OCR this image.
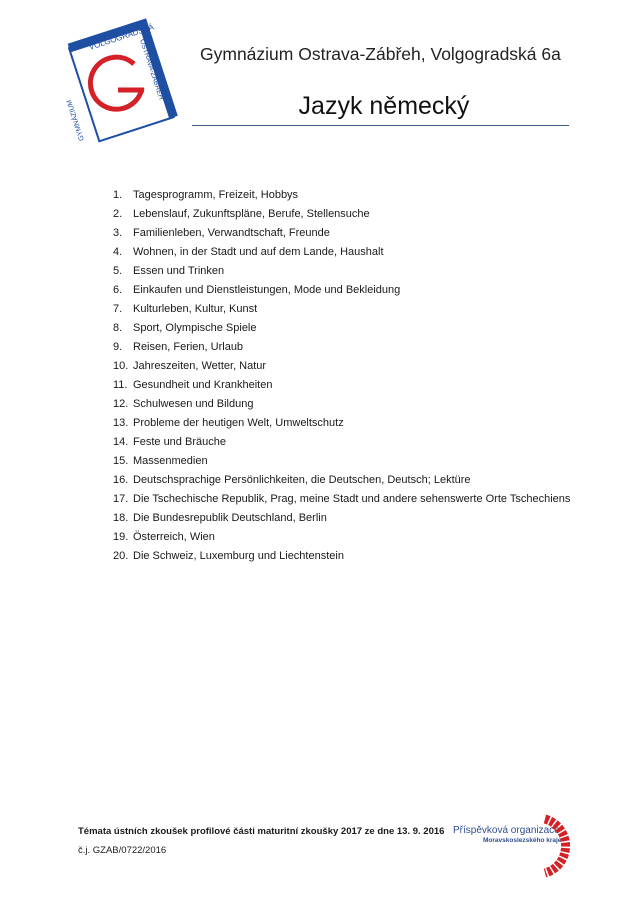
VOLGOGRADSKÁ
OSTRAVA-ZÁBŘEH
GYMNÁZIUM
Gymnázium Ostrava-Zábřeh, Volgogradská 6a
Jazyk německý
1. Tagesprogramm, Freizeit, Hobbys
2. Lebenslauf, Zukunftspläne, Berufe, Stellensuche
3. Familienleben, Verwandtschaft, Freunde
4. Wohnen, in der Stadt und auf dem Lande, Haushalt
5. Essen und Trinken
6. Einkaufen und Dienstleistungen, Mode und Bekleidung
7. Kulturleben, Kultur, Kunst
8. Sport, Olympische Spiele
9. Reisen, Ferien, Urlaub
10. Jahreszeiten, Wetter, Natur
11. Gesundheit und Krankheiten
12. Schulwesen und Bildung
13. Probleme der heutigen Welt, Umweltschutz
14. Feste und Bräuche
15. Massenmedien
16. Deutschsprachige Persönlichkeiten, die Deutschen, Deutsch; Lektüre
17. Die Tschechische Republik, Prag, meine Stadt und andere sehenswerte Orte Tschechiens
18. Die Bundesrepublik Deutschland, Berlin
19. Österreich, Wien
20. Die Schweiz, Luxemburg und Liechtenstein
Témata ústních zkoušek profilové části maturitní zkoušky 2017 ze dne 13. 9. 2016
č.j. GZAB/0722/2016
Příspěvková organizace
Moravskoslezského kraje
